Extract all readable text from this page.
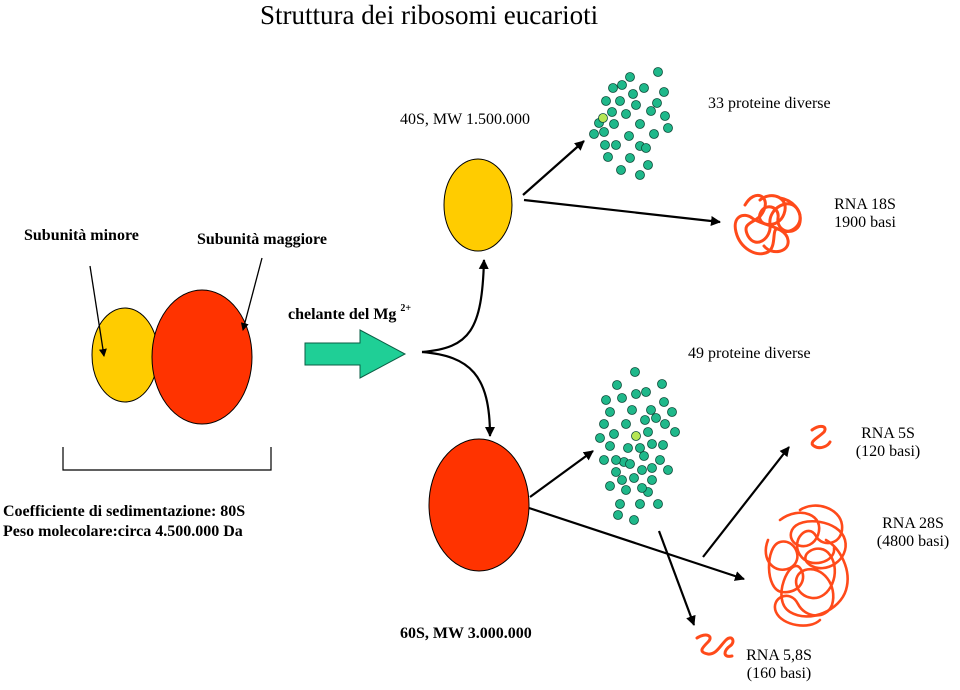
Struttura dei ribosomi eucarioti
Subunità minore	Subunità maggiore
chelante del Mg $^{2+}$
Coefficiente di sedimentazione: 80S
Peso molecolare:circa 4.500.000 Da
40S, MW 1.500.000
60S, MW 3.000.000
33 proteine diverse
49 proteine diverse
RNA 18S
1900 basi
RNA 5S
(120 basi)
RNA 28S
(4800 basi)
RNA 5,8S
(160 basi)
